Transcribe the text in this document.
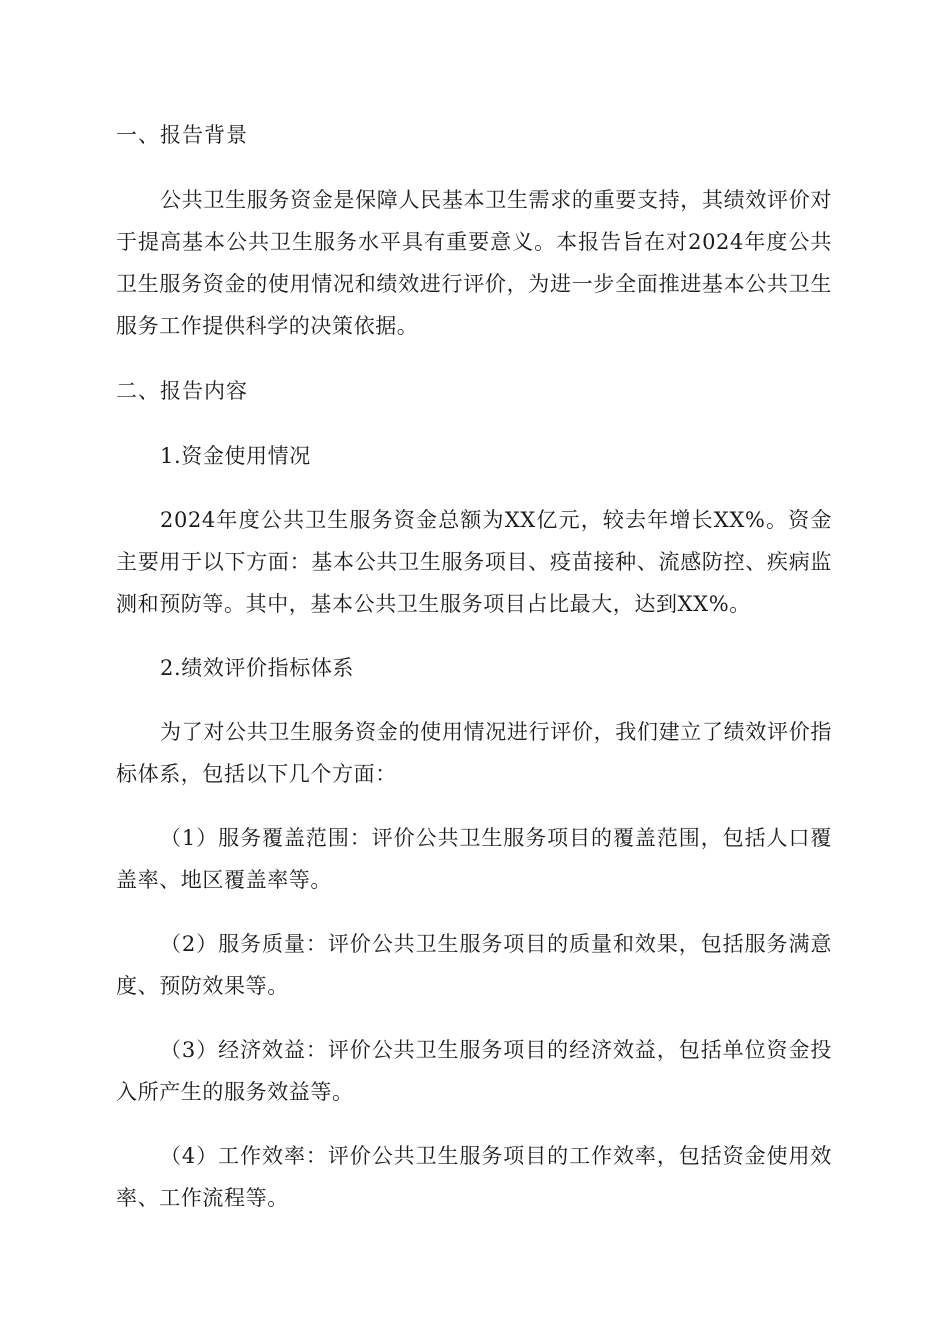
一、报告背景

公共卫生服务资金是保障人民基本卫生需求的重要支持，其绩效评价对于提高基本公共卫生服务水平具有重要意义。本报告旨在对2024年度公共卫生服务资金的使用情况和绩效进行评价，为进一步全面推进基本公共卫生服务工作提供科学的决策依据。

二、报告内容
1.资金使用情况

2024年度公共卫生服务资金总额为XX亿元，较去年增长XX%。资金主要用于以下方面：基本公共卫生服务项目、疫苗接种、流感防控、疾病监测和预防等。其中，基本公共卫生服务项目占比最大，达到XX%。

2.绩效评价指标体系

为了对公共卫生服务资金的使用情况进行评价，我们建立了绩效评价指标体系，包括以下几个方面：

（1）服务覆盖范围：评价公共卫生服务项目的覆盖范围，包括人口覆盖率、地区覆盖率等。

（2）服务质量：评价公共卫生服务项目的质量和效果，包括服务满意度、预防效果等。

（3）经济效益：评价公共卫生服务项目的经济效益，包括单位资金投入所产生的服务效益等。

（4）工作效率：评价公共卫生服务项目的工作效率，包括资金使用效率、工作流程等。
